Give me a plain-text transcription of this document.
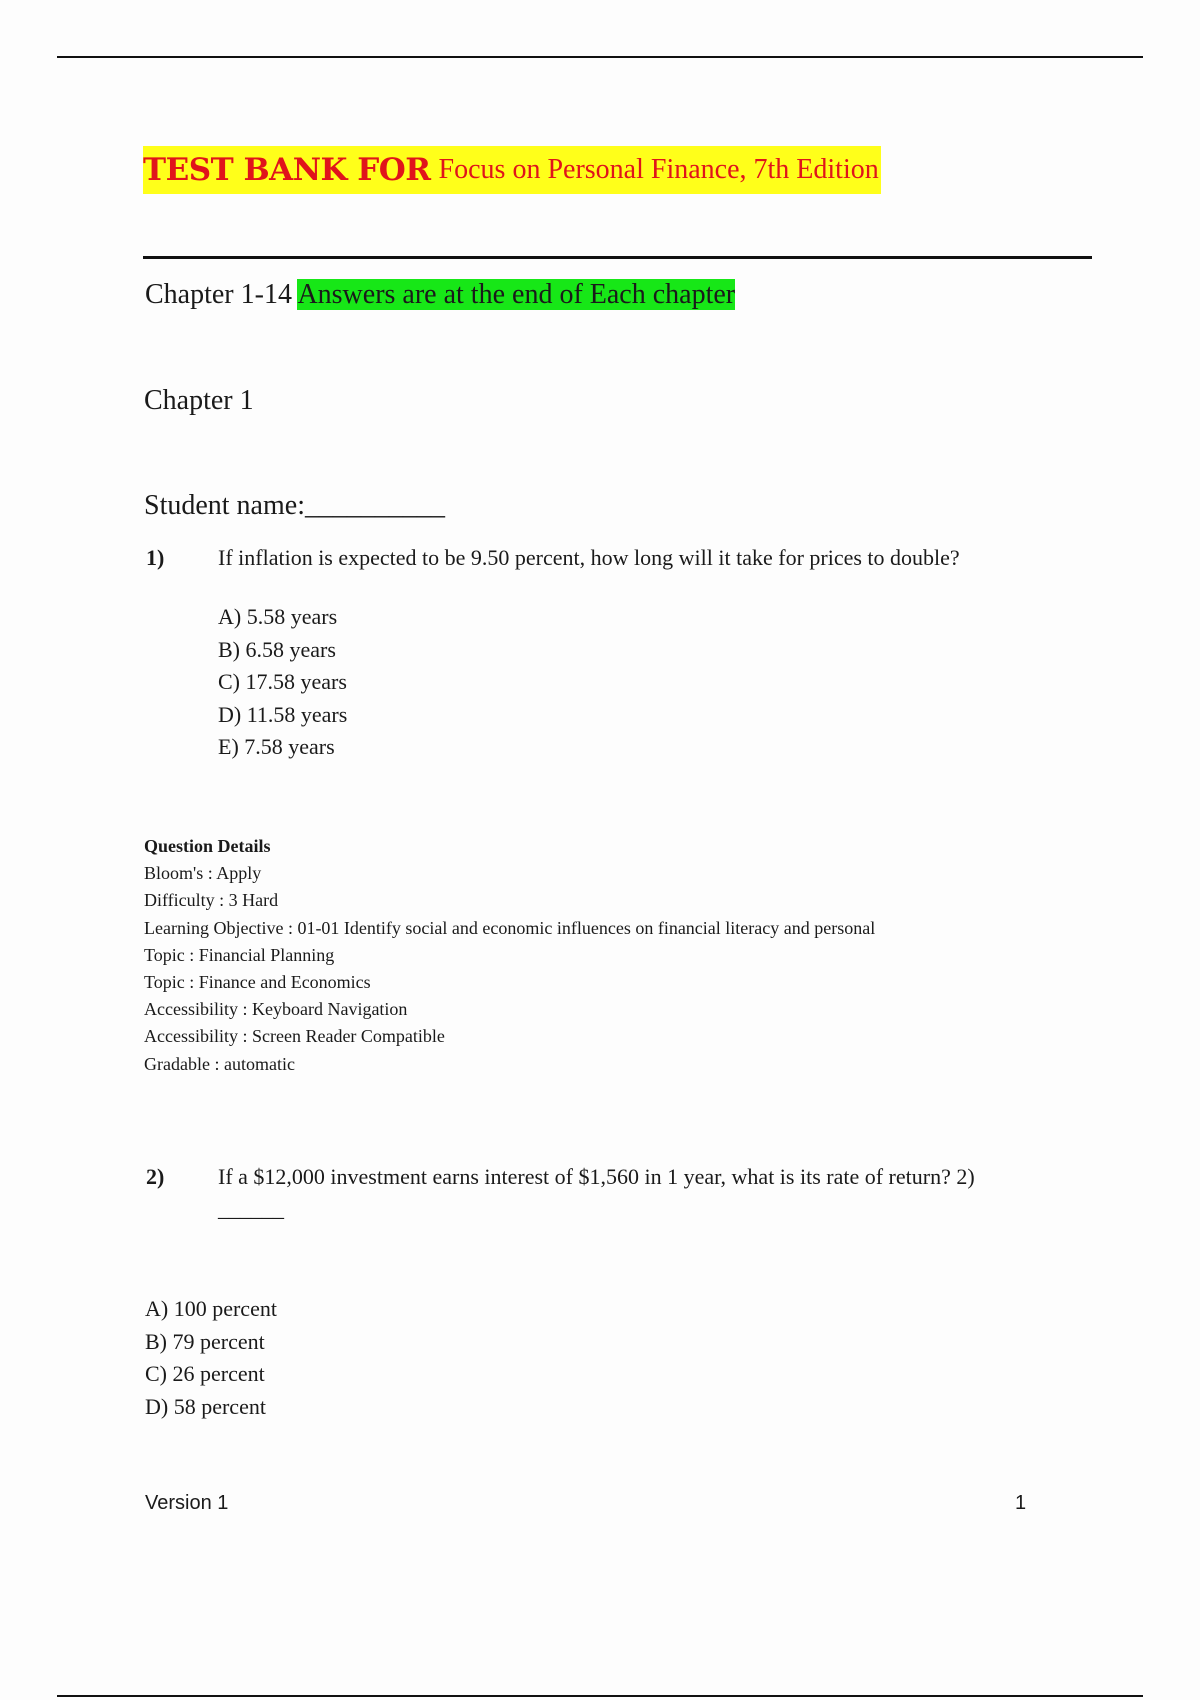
TEST BANK FOR Focus on Personal Finance, 7th Edition
Chapter 1-14 Answers are at the end of Each chapter
Chapter 1
Student name:__________
1) If inflation is expected to be 9.50 percent, how long will it take for prices to double?
A) 5.58 years
B) 6.58 years
C) 17.58 years
D) 11.58 years
E) 7.58 years
Question Details
Bloom's : Apply
Difficulty : 3 Hard
Learning Objective : 01-01 Identify social and economic influences on financial literacy and personal
Topic : Financial Planning
Topic : Finance and Economics
Accessibility : Keyboard Navigation
Accessibility : Screen Reader Compatible
Gradable : automatic
2) If a $12,000 investment earns interest of $1,560 in 1 year, what is its rate of return? 2)
______
A) 100 percent
B) 79 percent
C) 26 percent
D) 58 percent
Version 1	1
